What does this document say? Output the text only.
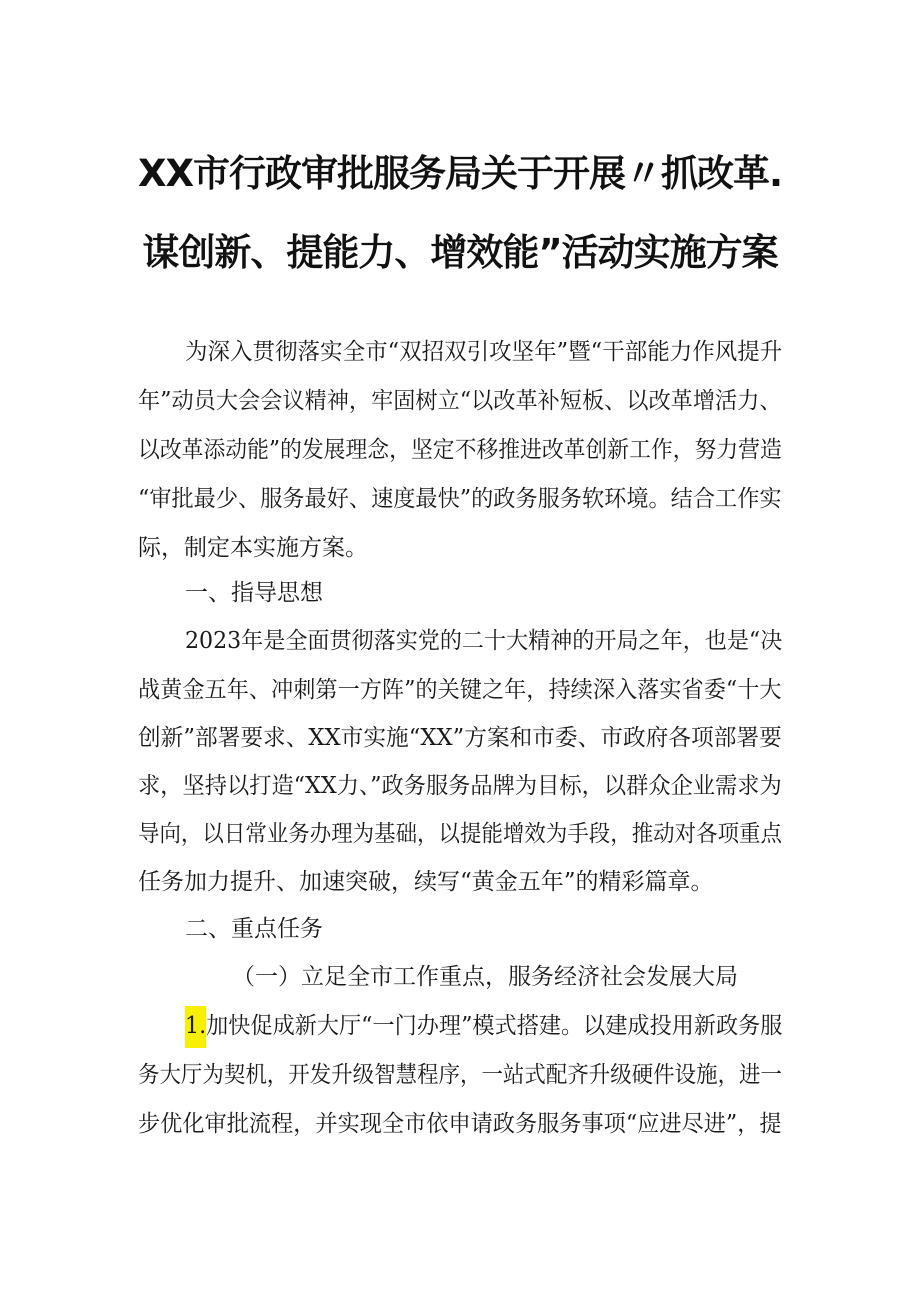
XX市行政审批服务局关于开展〃抓改革.
谋创新、提能力、增效能”活动实施方案
为深入贯彻落实全市“双招双引攻坚年”暨“干部能力作风提升
年”动员大会会议精神，牢固树立“以改革补短板、以改革增活力、
以改革添动能”的发展理念，坚定不移推进改革创新工作，努力营造
“审批最少、服务最好、速度最快”的政务服务软环境。结合工作实
际，制定本实施方案。
一、指导思想
2023年是全面贯彻落实党的二十大精神的开局之年，也是“决
战黄金五年、冲刺第一方阵”的关键之年，持续深入落实省委“十大
创新”部署要求、XX市实施“XX”方案和市委、市政府各项部署要
求，坚持以打造“XX力、”政务服务品牌为目标，以群众企业需求为
导向，以日常业务办理为基础，以提能增效为手段，推动对各项重点
任务加力提升、加速突破，续写“黄金五年”的精彩篇章。
二、重点任务
（一）立足全市工作重点，服务经济社会发展大局
1.加快促成新大厅“一门办理”模式搭建。以建成投用新政务服
务大厅为契机，开发升级智慧程序，一站式配齐升级硬件设施，进一
步优化审批流程，并实现全市依申请政务服务事项“应进尽进”，提
